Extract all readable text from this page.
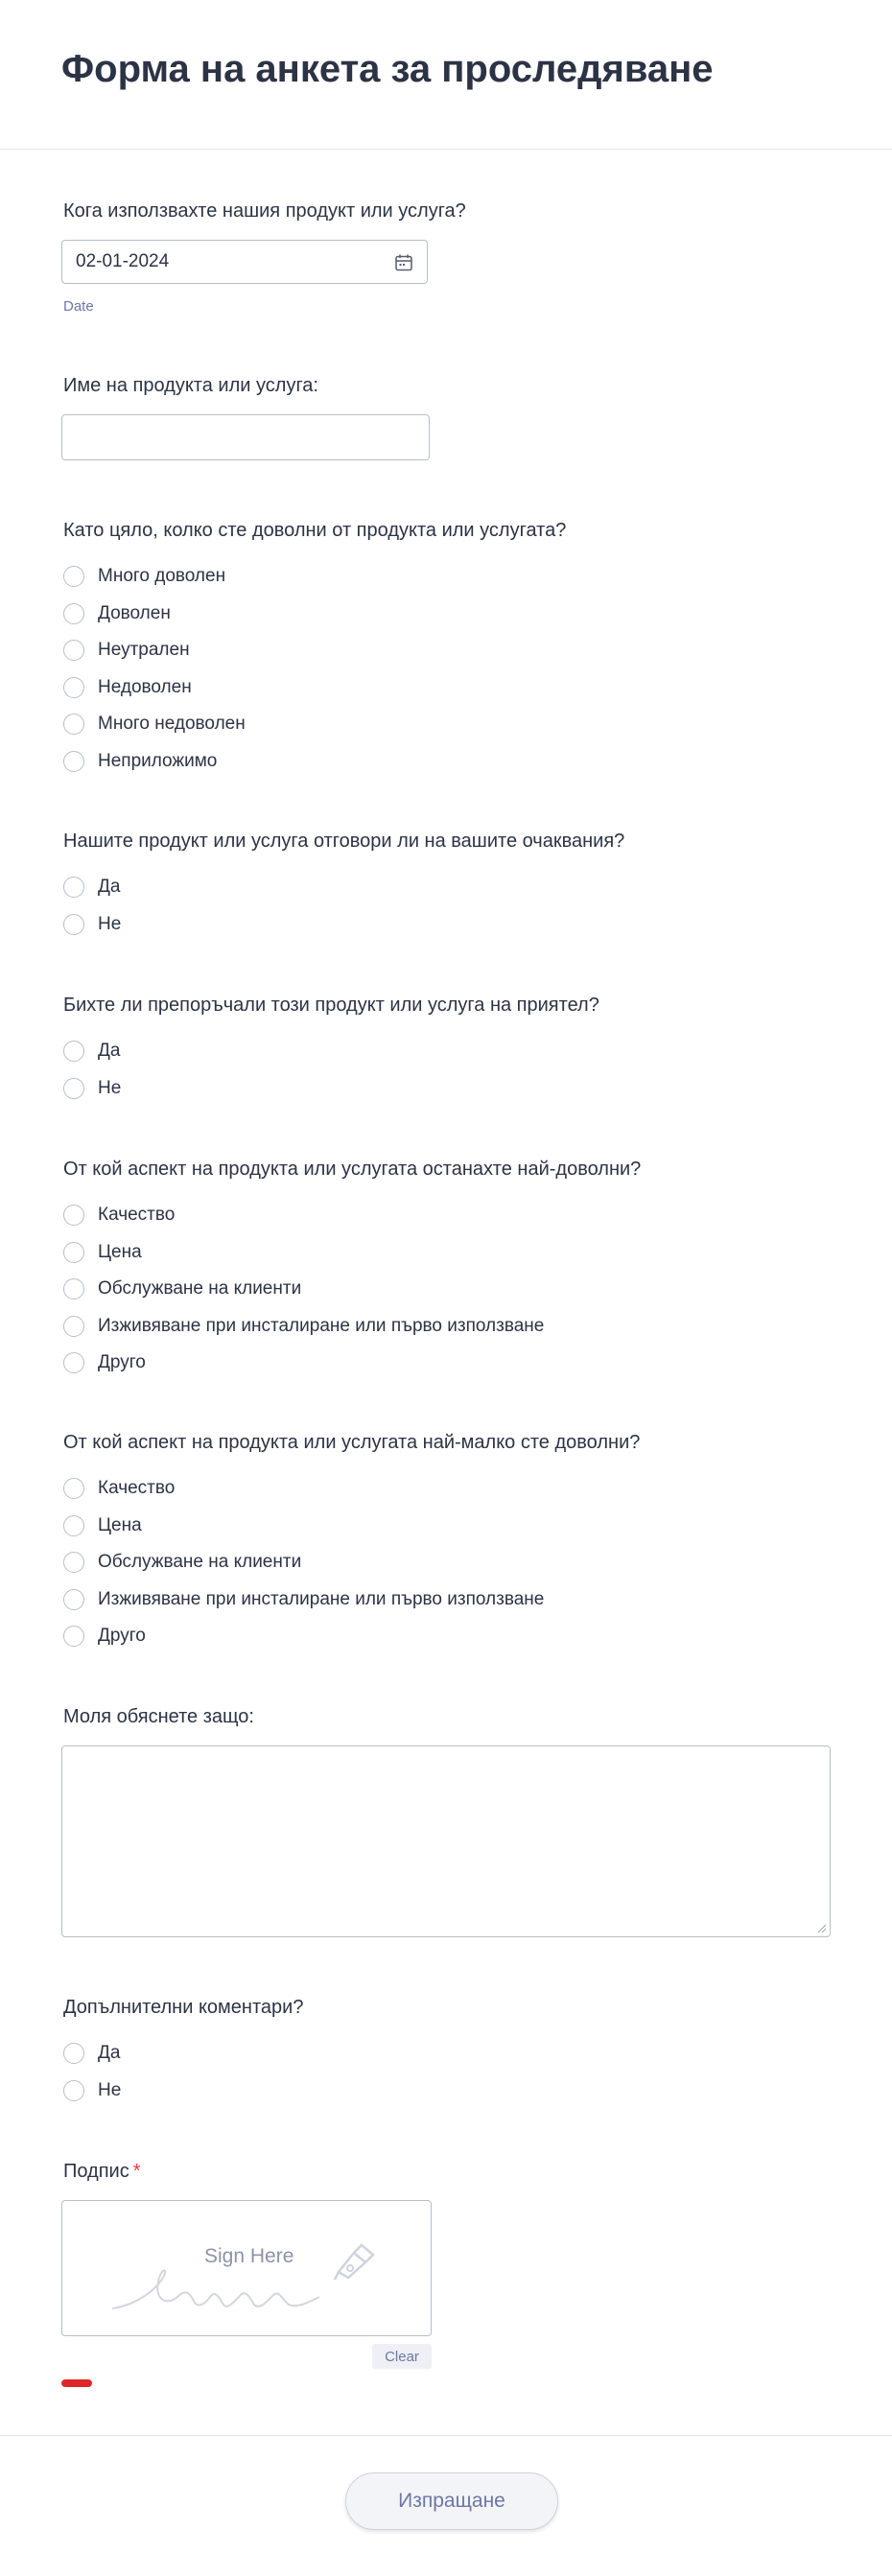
Форма на анкета за проследяване

Кога използвахте нашия продукт или услуга?

02-01-2024
Date

Име на продукта или услуга:

Като цяло, колко сте доволни от продукта или услугата?

Много доволен
Доволен
Неутрален
Недоволен
Много недоволен
Неприложимо

Нашите продукт или услуга отговори ли на вашите очаквания?

Да
Не

Бихте ли препоръчали този продукт или услуга на приятел?

Да
Не

От кой аспект на продукта или услугата останахте най-доволни?

Качество
Цена
Обслужване на клиенти
Изживяване при инсталиране или първо използване
Друго

От кой аспект на продукта или услугата най-малко сте доволни?

Качество
Цена
Обслужване на клиенти
Изживяване при инсталиране или първо използване
Друго

Моля обяснете защо:

Допълнителни коментари?

Да
Не

Подпис *

Sign Here
Clear
Изпращане
